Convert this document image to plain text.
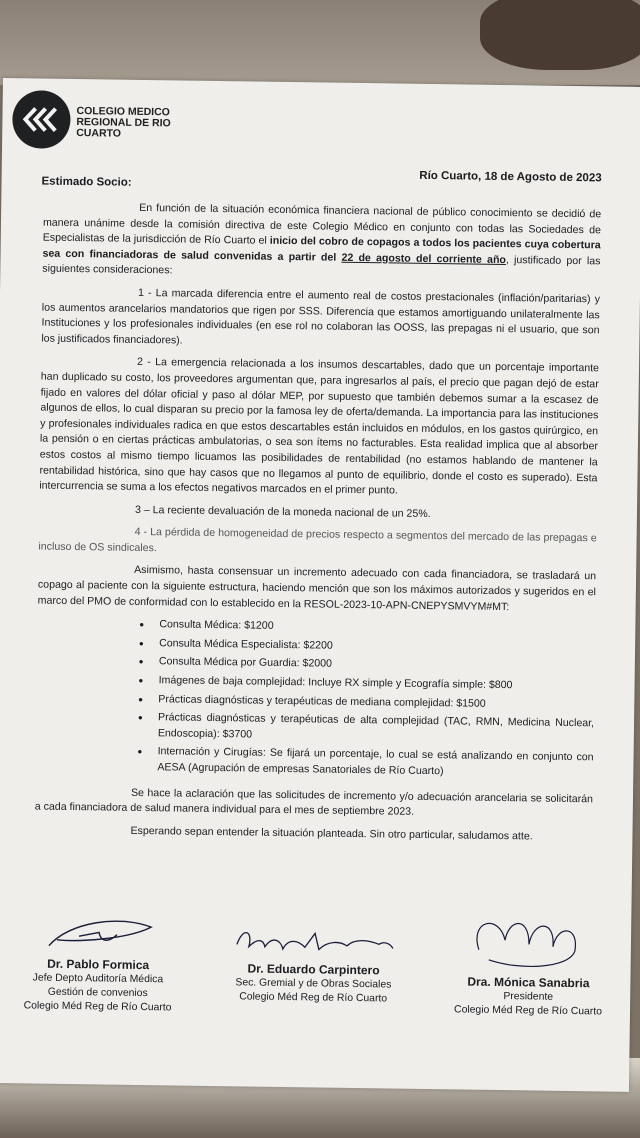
COLEGIO MEDICO REGIONAL DE RIO CUARTO
Río Cuarto, 18 de Agosto de 2023
Estimado Socio:

En función de la situación económica financiera nacional de público conocimiento se decidió de manera unánime desde la comisión directiva de este Colegio Médico en conjunto con todas las Sociedades de Especialistas de la jurisdicción de Río Cuarto el inicio del cobro de copagos a todos los pacientes cuya cobertura sea con financiadoras de salud convenidas a partir del 22 de agosto del corriente año, justificado por las siguientes consideraciones:

1 - La marcada diferencia entre el aumento real de costos prestacionales (inflación/paritarias) y los aumentos arancelarios mandatorios que rigen por SSS. Diferencia que estamos amortiguando unilateralmente las Instituciones y los profesionales individuales (en ese rol no colaboran las OOSS, las prepagas ni el usuario, que son los justificados financiadores).

2 - La emergencia relacionada a los insumos descartables, dado que un porcentaje importante han duplicado su costo, los proveedores argumentan que, para ingresarlos al país, el precio que pagan dejó de estar fijado en valores del dólar oficial y paso al dólar MEP, por supuesto que también debemos sumar a la escasez de algunos de ellos, lo cual disparan su precio por la famosa ley de oferta/demanda. La importancia para las instituciones y profesionales individuales radica en que estos descartables están incluidos en módulos, en los gastos quirúrgico, en la pensión o en ciertas prácticas ambulatorias, o sea son ítems no facturables. Esta realidad implica que al absorber estos costos al mismo tiempo licuamos las posibilidades de rentabilidad (no estamos hablando de mantener la rentabilidad histórica, sino que hay casos que no llegamos al punto de equilibrio, donde el costo es superado). Esta intercurrencia se suma a los efectos negativos marcados en el primer punto.

3 – La reciente devaluación de la moneda nacional de un 25%.

4 - La pérdida de homogeneidad de precios respecto a segmentos del mercado de las prepagas e incluso de OS sindicales.

Asimismo, hasta consensuar un incremento adecuado con cada financiadora, se trasladará un copago al paciente con la siguiente estructura, haciendo mención que son los máximos autorizados y sugeridos en el marco del PMO de conformidad con lo establecido en la RESOL-2023-10-APN-CNEPYSMVYM#MT:

• Consulta Médica: $1200
• Consulta Médica Especialista: $2200
• Consulta Médica por Guardia: $2000
• Imágenes de baja complejidad: Incluye RX simple y Ecografía simple: $800
• Prácticas diagnósticas y terapéuticas de mediana complejidad: $1500
• Prácticas diagnósticas y terapéuticas de alta complejidad (TAC, RMN, Medicina Nuclear, Endoscopia): $3700
• Internación y Cirugías: Se fijará un porcentaje, lo cual se está analizando en conjunto con AESA (Agrupación de empresas Sanatoriales de Río Cuarto)

Se hace la aclaración que las solicitudes de incremento y/o adecuación arancelaria se solicitarán a cada financiadora de salud manera individual para el mes de septiembre 2023.

Esperando sepan entender la situación planteada. Sin otro particular, saludamos atte.

Dr. Pablo Formica
Jefe Depto Auditoría Médica
Gestión de convenios
Colegio Méd Reg de Río Cuarto
Dr. Eduardo Carpintero
Sec. Gremial y de Obras Sociales
Colegio Méd Reg de Río Cuarto
Dra. Mónica Sanabria
Presidente
Colegio Méd Reg de Río Cuarto
